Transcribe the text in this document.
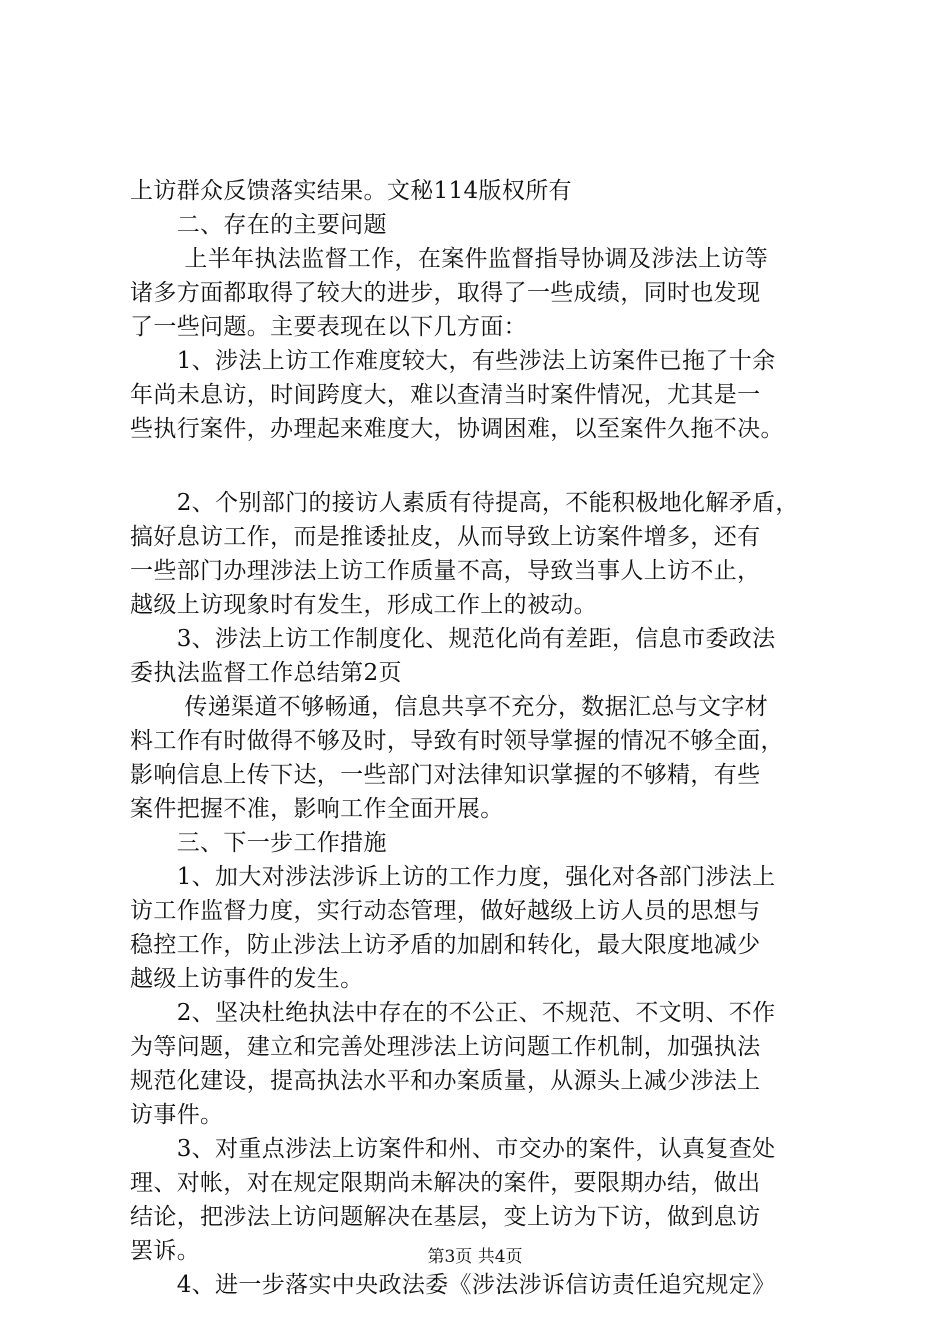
上访群众反馈落实结果。文秘114版权所有
　　二、存在的主要问题
　　 上半年执法监督工作，在案件监督指导协调及涉法上访等
诸多方面都取得了较大的进步，取得了一些成绩，同时也发现
了一些问题。主要表现在以下几方面：
　　1、涉法上访工作难度较大，有些涉法上访案件已拖了十余
年尚未息访，时间跨度大，难以查清当时案件情况，尤其是一
些执行案件，办理起来难度大，协调困难，以至案件久拖不决。
　　2、个别部门的接访人素质有待提高，不能积极地化解矛盾，
搞好息访工作，而是推诿扯皮，从而导致上访案件增多，还有
一些部门办理涉法上访工作质量不高，导致当事人上访不止，
越级上访现象时有发生，形成工作上的被动。
　　3、涉法上访工作制度化、规范化尚有差距，信息市委政法
委执法监督工作总结第2页
　　 传递渠道不够畅通，信息共享不充分，数据汇总与文字材
料工作有时做得不够及时，导致有时领导掌握的情况不够全面，
影响信息上传下达，一些部门对法律知识掌握的不够精，有些
案件把握不准，影响工作全面开展。
　　三、下一步工作措施
　　1、加大对涉法涉诉上访的工作力度，强化对各部门涉法上
访工作监督力度，实行动态管理，做好越级上访人员的思想与
稳控工作，防止涉法上访矛盾的加剧和转化，最大限度地减少
越级上访事件的发生。
　　2、坚决杜绝执法中存在的不公正、不规范、不文明、不作
为等问题，建立和完善处理涉法上访问题工作机制，加强执法
规范化建设，提高执法水平和办案质量，从源头上减少涉法上
访事件。
　　3、对重点涉法上访案件和州、市交办的案件，认真复查处
理、对帐，对在规定限期尚未解决的案件，要限期办结，做出
结论，把涉法上访问题解决在基层，变上访为下访，做到息访
罢诉。
　　4、进一步落实中央政法委《涉法涉诉信访责任追究规定》
第3页 共4页
